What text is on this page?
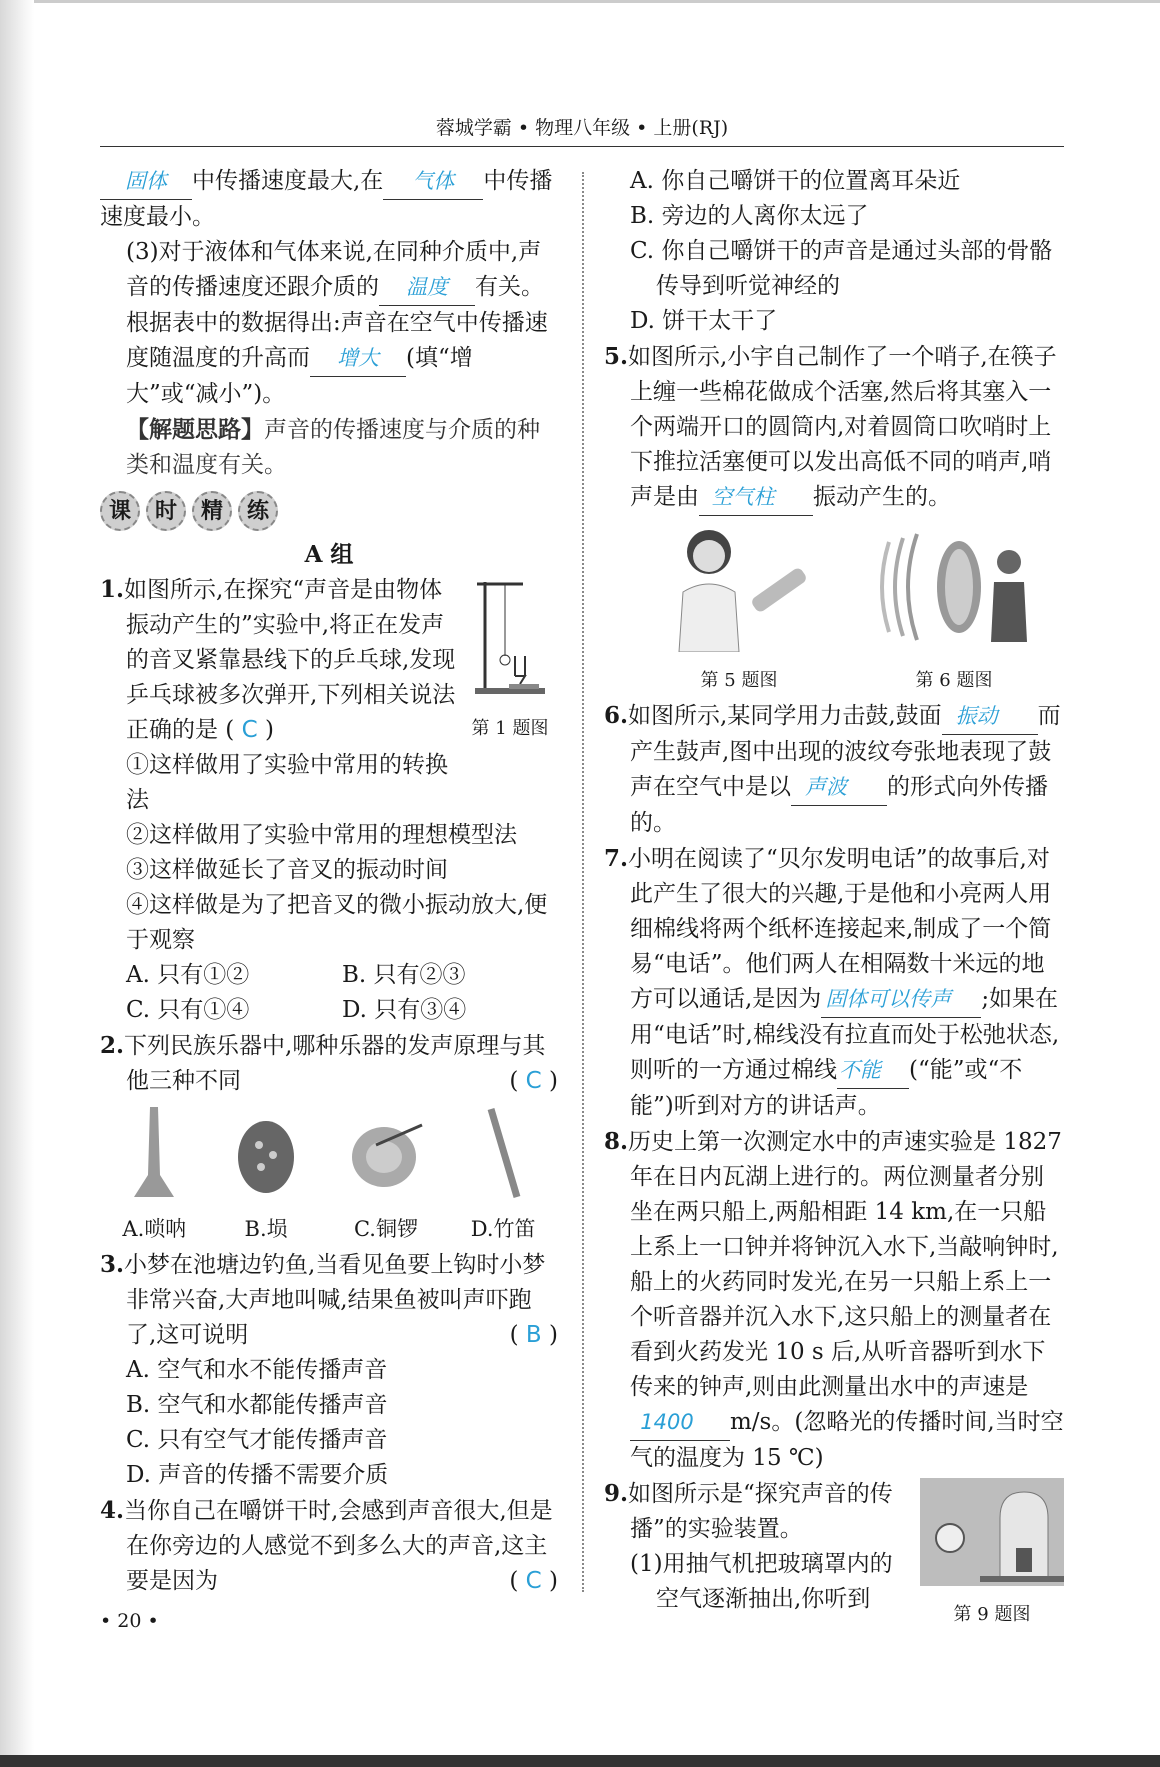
蓉城学霸 • 物理八年级 • 上册(RJ)

固体 中传播速度最大,在 气体 中传播速度最小。

(3)对于液体和气体来说,在同种介质中,声音的传播速度还跟介质的 温度 有关。根据表中的数据得出:声音在空气中传播速度随温度的升高而 增大 (填“增大”或“减小”)。

【解题思路】声音的传播速度与介质的种类和温度有关。

课	时	精	练

A 组

第 1 题图

1.如图所示,在探究“声音是由物体振动产生的”实验中,将正在发声的音叉紧靠悬线下的乒乓球,发现乒乓球被多次弹开,下列相关说法正确的是 ( C )

①这样做用了实验中常用的转换法

②这样做用了实验中常用的理想模型法

③这样做延长了音叉的振动时间

④这样做是为了把音叉的微小振动放大,便于观察

A. 只有①②	B. 只有②③
C. 只有①④	D. 只有③④

2.下列民族乐器中,哪种乐器的发声原理与其他三种不同	( C )

A.唢呐	B.埙	C.铜锣	D.竹笛

3.小梦在池塘边钓鱼,当看见鱼要上钩时小梦非常兴奋,大声地叫喊,结果鱼被叫声吓跑了,这可说明	( B )

A. 空气和水不能传播声音

B. 空气和水都能传播声音

C. 只有空气才能传播声音

D. 声音的传播不需要介质

4.当你自己在嚼饼干时,会感到声音很大,但是在你旁边的人感觉不到多么大的声音,这主要是因为	( C )

• 20 •

A. 你自己嚼饼干的位置离耳朵近

B. 旁边的人离你太远了

C. 你自己嚼饼干的声音是通过头部的骨骼传导到听觉神经的

D. 饼干太干了

5.如图所示,小宇自己制作了一个哨子,在筷子上缠一些棉花做成个活塞,然后将其塞入一个两端开口的圆筒内,对着圆筒口吹哨时上下推拉活塞便可以发出高低不同的哨声,哨声是由 空气柱 振动产生的。

第 5 题图	第 6 题图

6.如图所示,某同学用力击鼓,鼓面 振动 而产生鼓声,图中出现的波纹夸张地表现了鼓声在空气中是以 声波 的形式向外传播的。

7.小明在阅读了“贝尔发明电话”的故事后,对此产生了很大的兴趣,于是他和小亮两人用细棉线将两个纸杯连接起来,制成了一个简易“电话”。他们两人在相隔数十米远的地方可以通话,是因为 固体可以传声 ;如果在用“电话”时,棉线没有拉直而处于松弛状态,则听的一方通过棉线不能 (“能”或“不能”)听到对方的讲话声。

8.历史上第一次测定水中的声速实验是 1827 年在日内瓦湖上进行的。两位测量者分别坐在两只船上,两船相距 14 km,在一只船上系上一口钟并将钟沉入水下,当敲响钟时,船上的火药同时发光,在另一只船上系上一个听音器并沉入水下,这只船上的测量者在看到火药发光 10 s 后,从听音器听到水下传来的钟声,则由此测量出水中的声速是1400 m/s。(忽略光的传播时间,当时空气的温度为 15 ℃)

第 9 题图

9.如图所示是“探究声音的传播”的实验装置。

(1)用抽气机把玻璃罩内的空气逐渐抽出,你听到
